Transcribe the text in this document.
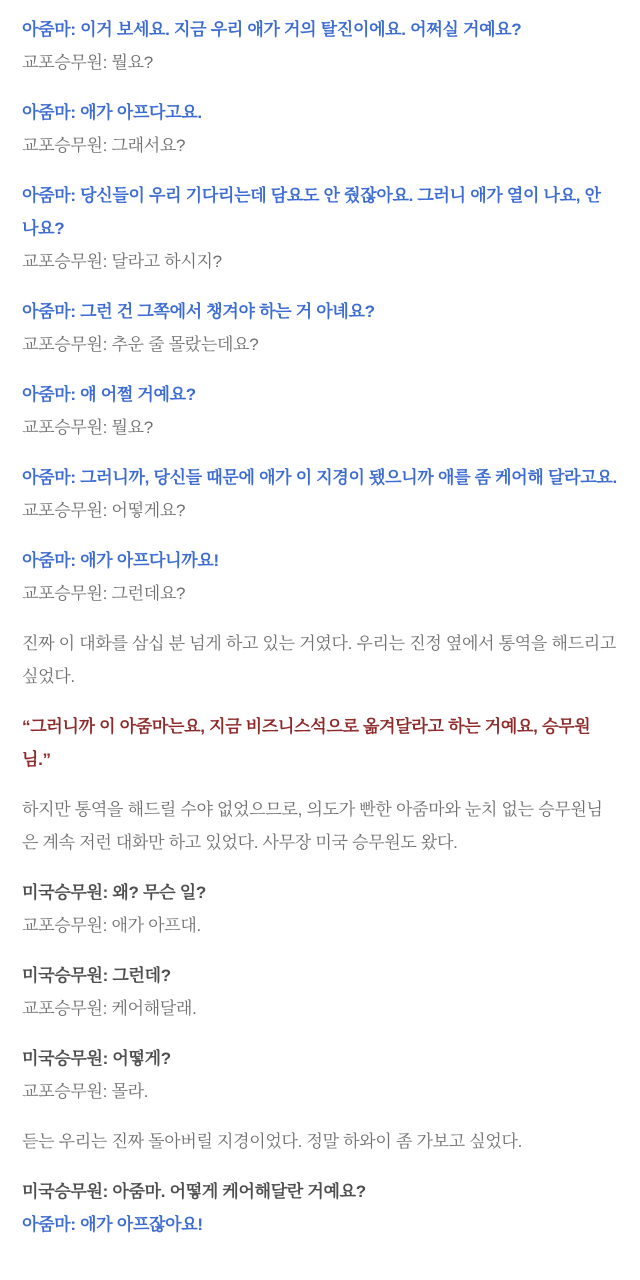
아줌마: 이거 보세요. 지금 우리 애가 거의 탈진이에요. 어쩌실 거예요?
교포승무원: 뭘요?

아줌마: 애가 아프다고요.
교포승무원: 그래서요?

아줌마: 당신들이 우리 기다리는데 담요도 안 줬잖아요. 그러니 애가 열이 나요, 안 나요?
교포승무원: 달라고 하시지?

아줌마: 그런 건 그쪽에서 챙겨야 하는 거 아녜요?
교포승무원: 추운 줄 몰랐는데요?

아줌마: 얘 어쩔 거예요?
교포승무원: 뭘요?

아줌마: 그러니까, 당신들 때문에 애가 이 지경이 됐으니까 애를 좀 케어해 달라고요.
교포승무원: 어떻게요?

아줌마: 애가 아프다니까요!
교포승무원: 그런데요?

진짜 이 대화를 삼십 분 넘게 하고 있는 거였다. 우리는 진정 옆에서 통역을 해드리고 싶었다.

“그러니까 이 아줌마는요, 지금 비즈니스석으로 옮겨달라고 하는 거예요, 승무원님.”

하지만 통역을 해드릴 수야 없었으므로, 의도가 빤한 아줌마와 눈치 없는 승무원님은 계속 저런 대화만 하고 있었다. 사무장 미국 승무원도 왔다.

미국승무원: 왜? 무슨 일?
교포승무원: 애가 아프대.

미국승무원: 그런데?
교포승무원: 케어해달래.

미국승무원: 어떻게?
교포승무원: 몰라.

듣는 우리는 진짜 돌아버릴 지경이었다. 정말 하와이 좀 가보고 싶었다.

미국승무원: 아줌마. 어떻게 케어해달란 거예요?
아줌마: 애가 아프잖아요!
